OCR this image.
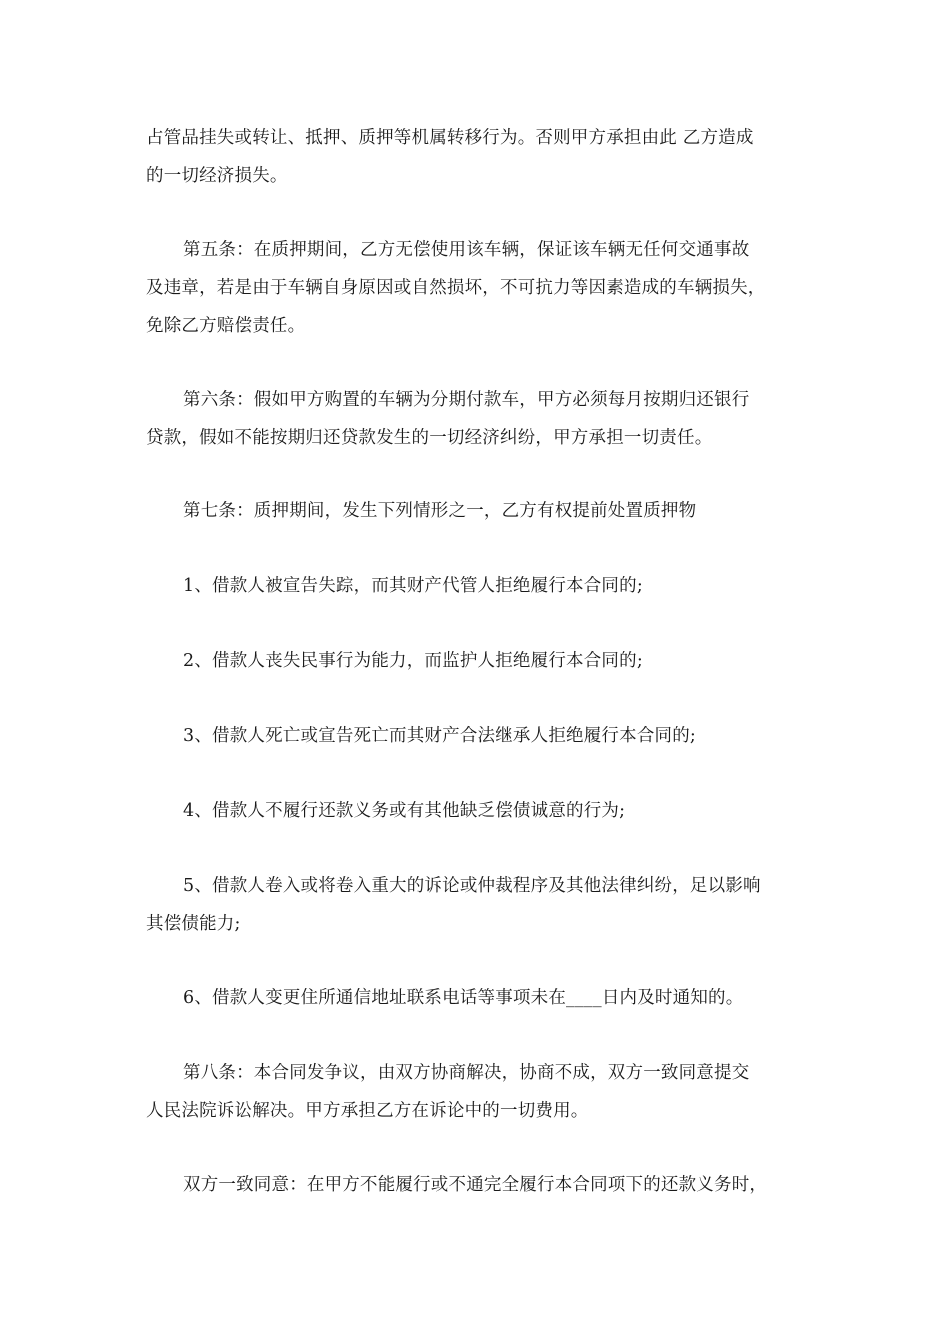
占管品挂失或转让、抵押、质押等机属转移行为。否则甲方承担由此 乙方造成
的一切经济损失。

第五条：在质押期间，乙方无偿使用该车辆，保证该车辆无任何交通事故
及违章，若是由于车辆自身原因或自然损坏，不可抗力等因素造成的车辆损失，
免除乙方赔偿责任。

第六条：假如甲方购置的车辆为分期付款车，甲方必须每月按期归还银行
贷款，假如不能按期归还贷款发生的一切经济纠纷，甲方承担一切责任。

第七条：质押期间，发生下列情形之一，乙方有权提前处置质押物

1、借款人被宣告失踪，而其财产代管人拒绝履行本合同的;

2、借款人丧失民事行为能力，而监护人拒绝履行本合同的;

3、借款人死亡或宣告死亡而其财产合法继承人拒绝履行本合同的;

4、借款人不履行还款义务或有其他缺乏偿债诚意的行为;

5、借款人卷入或将卷入重大的诉论或仲裁程序及其他法律纠纷，足以影响
其偿债能力;

6、借款人变更住所通信地址联系电话等事项未在____日内及时通知的。

第八条：本合同发争议，由双方协商解决，协商不成，双方一致同意提交
人民法院诉讼解决。甲方承担乙方在诉论中的一切费用。

双方一致同意：在甲方不能履行或不通完全履行本合同项下的还款义务时，
